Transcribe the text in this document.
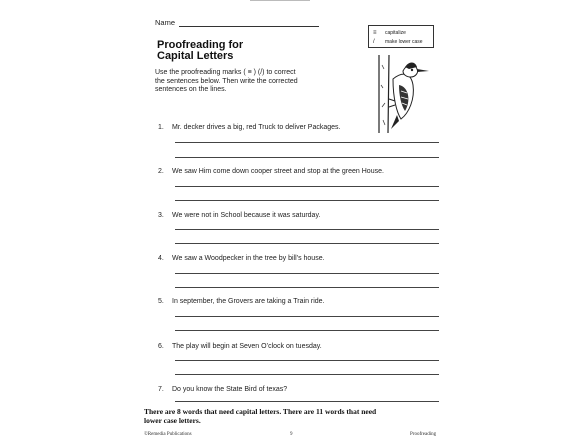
Name
≡	capitalize
/	make lower case
Proofreading for
Capital Letters
Use the proofreading marks ( ≡ ) (/) to correct
the sentences below. Then write the corrected
sentences on the lines.
1. Mr. decker drives a big, red Truck to deliver Packages.
2. We saw Him come down cooper street and stop at the green House.
3. We were not in School because it was saturday.
4. We saw a Woodpecker in the tree by bill’s house.
5. In september, the Grovers are taking a Train ride.
6. The play will begin at Seven O’clock on tuesday.
7. Do you know the State Bird of texas?
There are 8 words that need capital letters. There are 11 words that need
lower case letters.
©Remedia Publications	9	Proofreading
